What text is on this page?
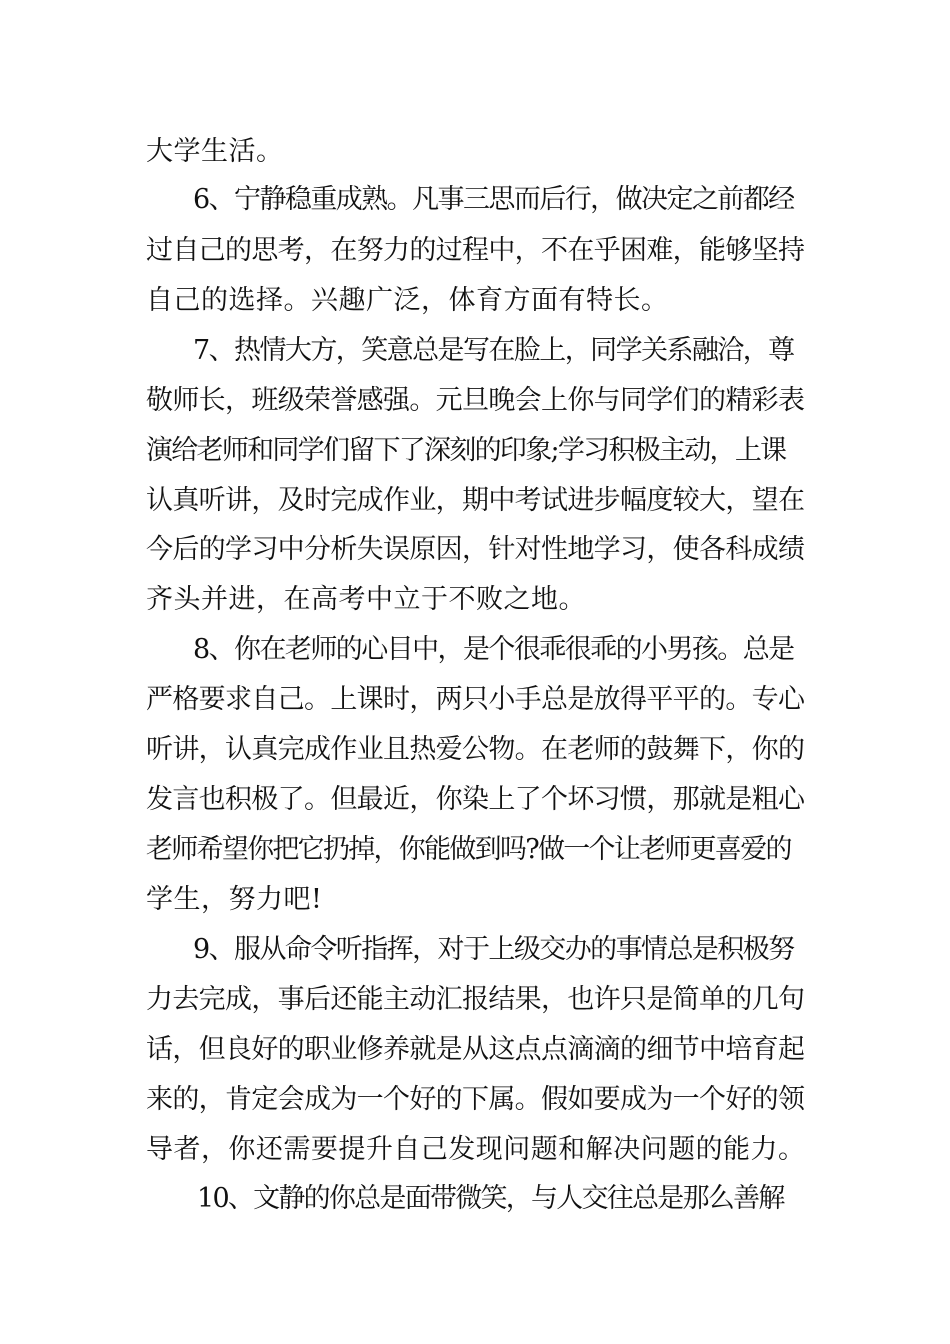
大学生活。
6、宁静稳重成熟。凡事三思而后行，做决定之前都经
过自己的思考，在努力的过程中，不在乎困难，能够坚持
自己的选择。兴趣广泛，体育方面有特长。
7、热情大方，笑意总是写在脸上，同学关系融洽，尊
敬师长，班级荣誉感强。元旦晚会上你与同学们的精彩表
演给老师和同学们留下了深刻的印象;学习积极主动，上课
认真听讲，及时完成作业，期中考试进步幅度较大，望在
今后的学习中分析失误原因，针对性地学习，使各科成绩
齐头并进，在高考中立于不败之地。
8、你在老师的心目中，是个很乖很乖的小男孩。总是
严格要求自己。上课时，两只小手总是放得平平的。专心
听讲，认真完成作业且热爱公物。在老师的鼓舞下，你的
发言也积极了。但最近，你染上了个坏习惯，那就是粗心
老师希望你把它扔掉，你能做到吗?做一个让老师更喜爱的
学生，努力吧!
9、服从命令听指挥，对于上级交办的事情总是积极努
力去完成，事后还能主动汇报结果，也许只是简单的几句
话，但良好的职业修养就是从这点点滴滴的细节中培育起
来的，肯定会成为一个好的下属。假如要成为一个好的领
导者，你还需要提升自己发现问题和解决问题的能力。
10、文静的你总是面带微笑，与人交往总是那么善解
